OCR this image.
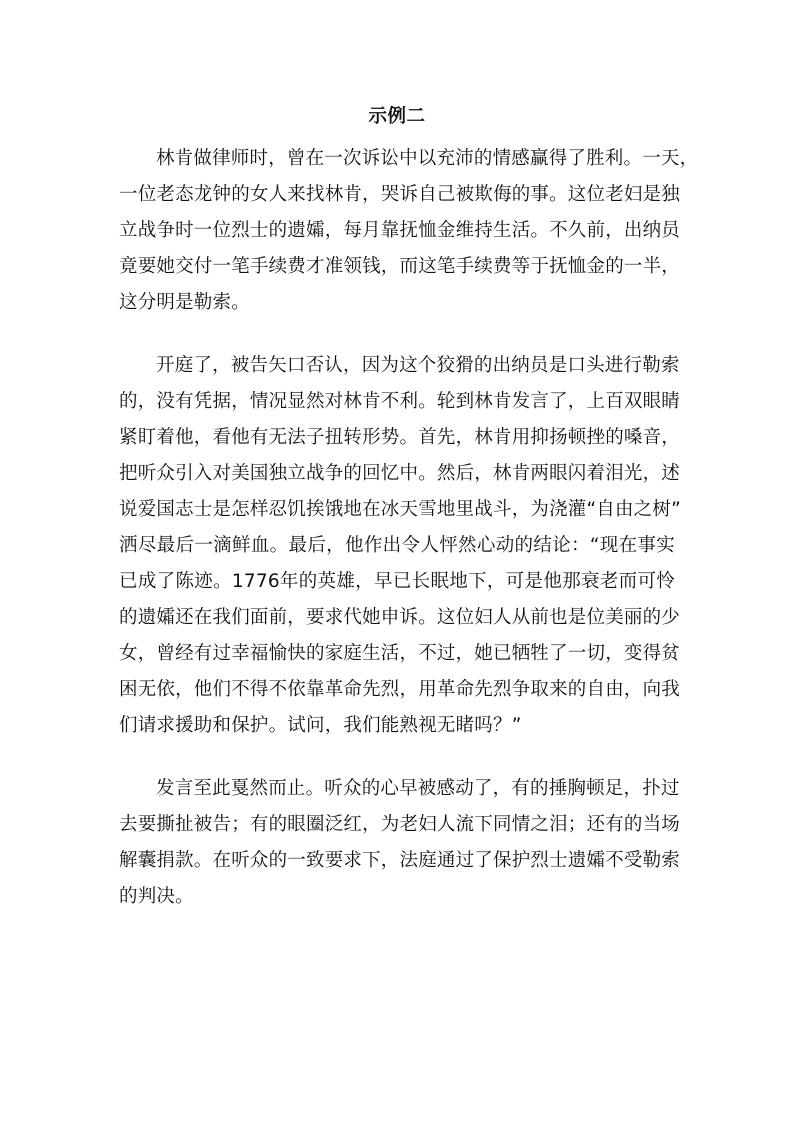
示例二
林肯做律师时，曾在一次诉讼中以充沛的情感赢得了胜利。一天，
一位老态龙钟的女人来找林肯，哭诉自己被欺侮的事。这位老妇是独
立战争时一位烈士的遗孀，每月靠抚恤金维持生活。不久前，出纳员
竟要她交付一笔手续费才准领钱，而这笔手续费等于抚恤金的一半，
这分明是勒索。
开庭了，被告矢口否认，因为这个狡猾的出纳员是口头进行勒索
的，没有凭据，情况显然对林肯不利。轮到林肯发言了，上百双眼睛
紧盯着他，看他有无法子扭转形势。首先，林肯用抑扬顿挫的嗓音，
把听众引入对美国独立战争的回忆中。然后，林肯两眼闪着泪光，述
说爱国志士是怎样忍饥挨饿地在冰天雪地里战斗，为浇灌“自由之树”
洒尽最后一滴鲜血。最后，他作出令人怦然心动的结论：“现在事实
已成了陈迹。1776年的英雄，早已长眠地下，可是他那衰老而可怜
的遗孀还在我们面前，要求代她申诉。这位妇人从前也是位美丽的少
女，曾经有过幸福愉快的家庭生活，不过，她已牺牲了一切，变得贫
困无依，他们不得不依靠革命先烈，用革命先烈争取来的自由，向我
们请求援助和保护。试问，我们能熟视无睹吗？”
发言至此戛然而止。听众的心早被感动了，有的捶胸顿足，扑过
去要撕扯被告；有的眼圈泛红，为老妇人流下同情之泪；还有的当场
解囊捐款。在听众的一致要求下，法庭通过了保护烈士遗孀不受勒索
的判决。
